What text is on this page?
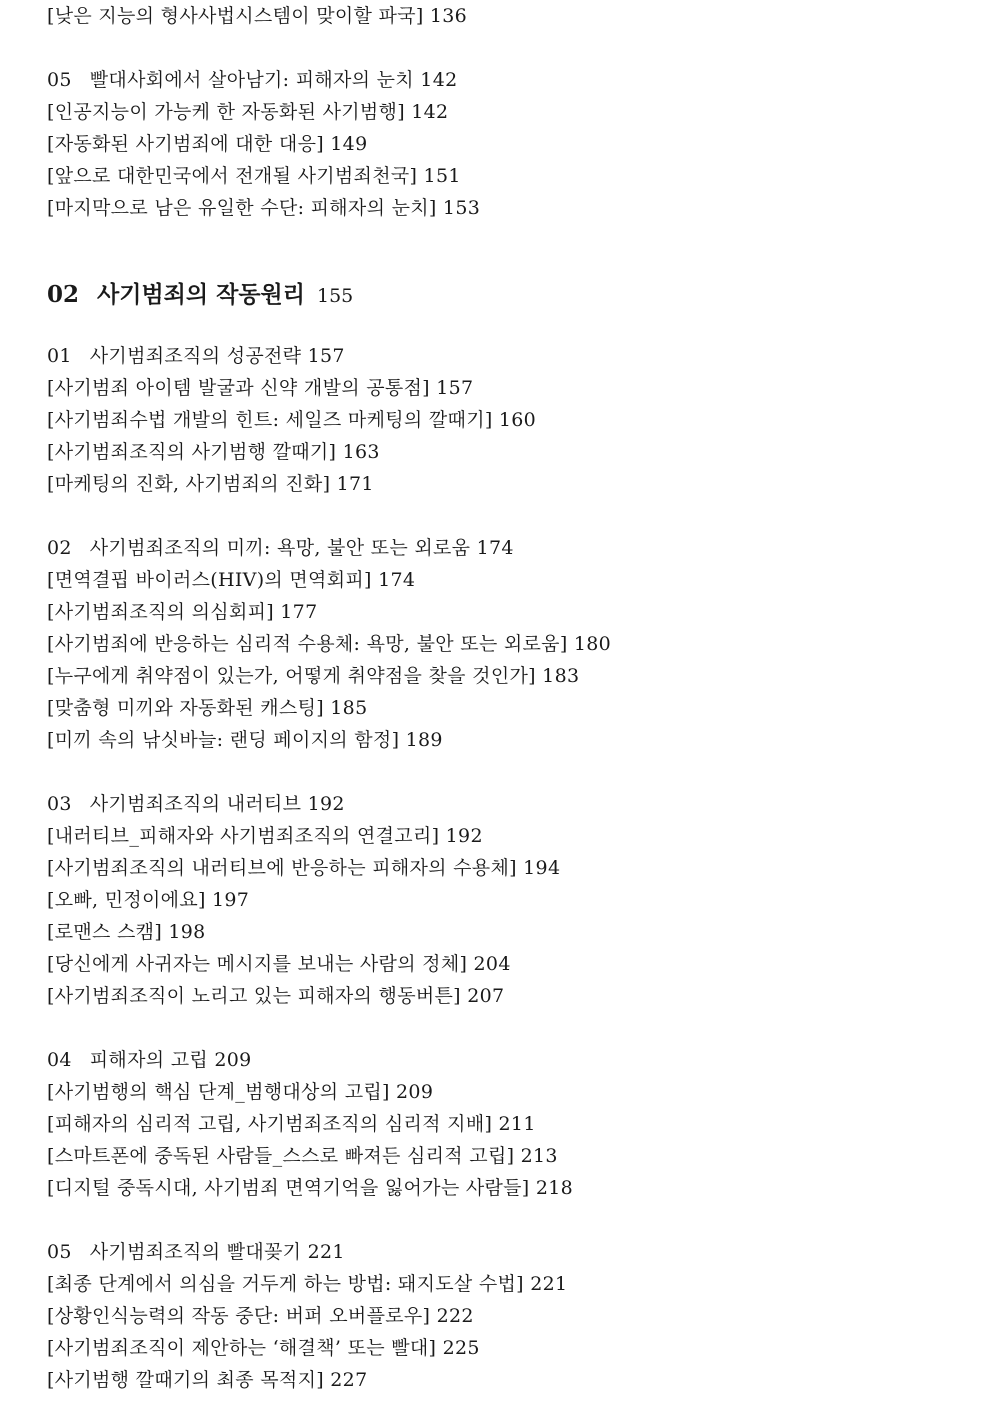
[낮은 지능의 형사사법시스템이 맞이할 파국] 136
05 빨대사회에서 살아남기: 피해자의 눈치 142
[인공지능이 가능케 한 자동화된 사기범행] 142
[자동화된 사기범죄에 대한 대응] 149
[앞으로 대한민국에서 전개될 사기범죄천국] 151
[마지막으로 남은 유일한 수단: 피해자의 눈치] 153
02 사기범죄의 작동원리 155
01 사기범죄조직의 성공전략 157
[사기범죄 아이템 발굴과 신약 개발의 공통점] 157
[사기범죄수법 개발의 힌트: 세일즈 마케팅의 깔때기] 160
[사기범죄조직의 사기범행 깔때기] 163
[마케팅의 진화, 사기범죄의 진화] 171
02 사기범죄조직의 미끼: 욕망, 불안 또는 외로움 174
[면역결핍 바이러스(HIV)의 면역회피] 174
[사기범죄조직의 의심회피] 177
[사기범죄에 반응하는 심리적 수용체: 욕망, 불안 또는 외로움] 180
[누구에게 취약점이 있는가, 어떻게 취약점을 찾을 것인가] 183
[맞춤형 미끼와 자동화된 캐스팅] 185
[미끼 속의 낚싯바늘: 랜딩 페이지의 함정] 189
03 사기범죄조직의 내러티브 192
[내러티브_피해자와 사기범죄조직의 연결고리] 192
[사기범죄조직의 내러티브에 반응하는 피해자의 수용체] 194
[오빠, 민정이에요] 197
[로맨스 스캠] 198
[당신에게 사귀자는 메시지를 보내는 사람의 정체] 204
[사기범죄조직이 노리고 있는 피해자의 행동버튼] 207
04 피해자의 고립 209
[사기범행의 핵심 단계_범행대상의 고립] 209
[피해자의 심리적 고립, 사기범죄조직의 심리적 지배] 211
[스마트폰에 중독된 사람들_스스로 빠져든 심리적 고립] 213
[디지털 중독시대, 사기범죄 면역기억을 잃어가는 사람들] 218
05 사기범죄조직의 빨대꽂기 221
[최종 단계에서 의심을 거두게 하는 방법: 돼지도살 수법] 221
[상황인식능력의 작동 중단: 버퍼 오버플로우] 222
[사기범죄조직이 제안하는 ‘해결책’ 또는 빨대] 225
[사기범행 깔때기의 최종 목적지] 227
